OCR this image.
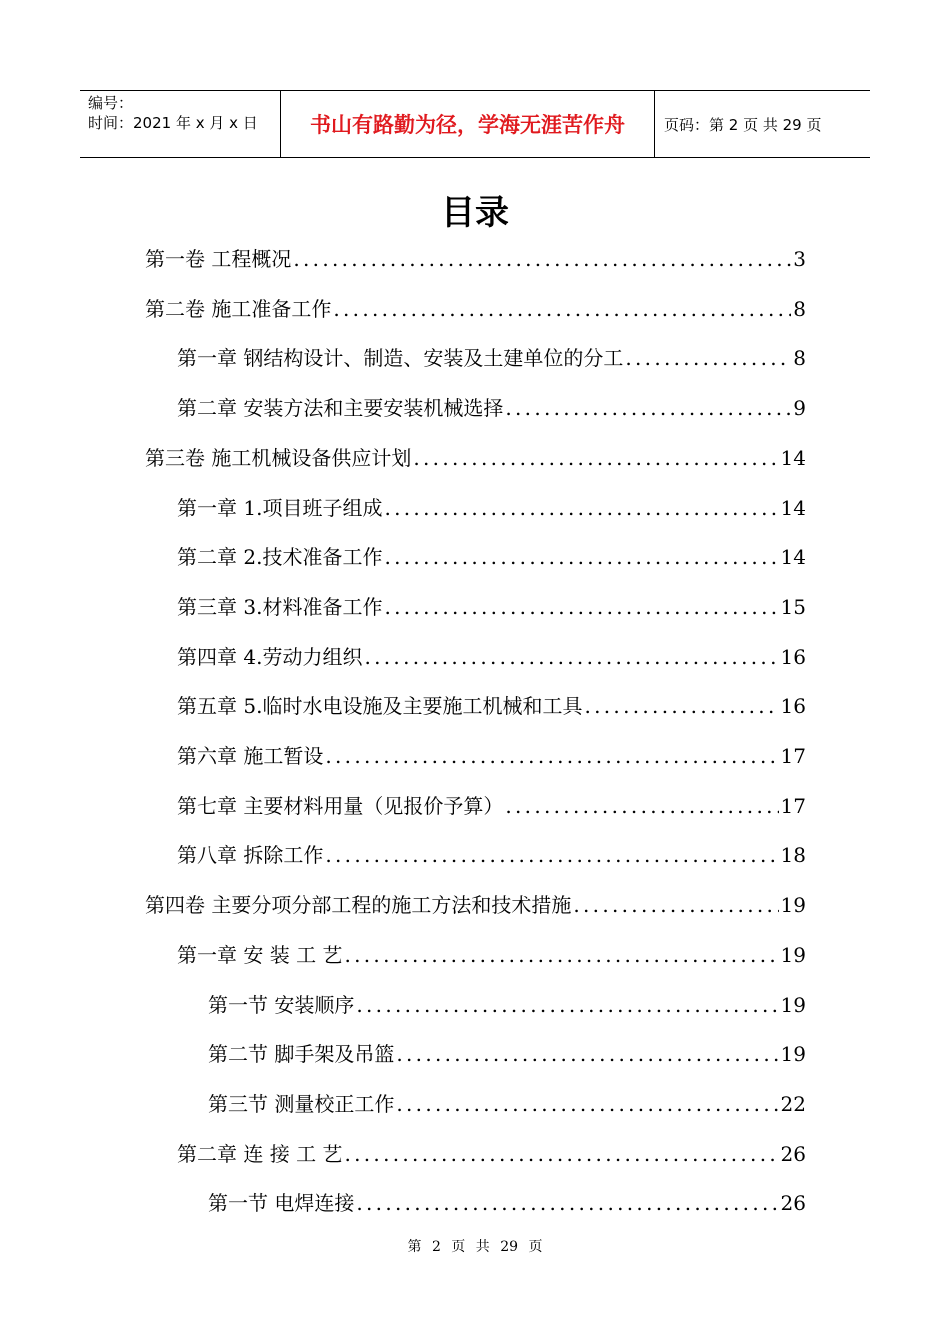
编号：
时间：2021 年 x 月 x 日	书山有路勤为径，学海无涯苦作舟	页码：第 2 页 共 29 页
目录
第一卷 工程概况 .....	3
第二卷 施工准备工作 .....	8
第一章 钢结构设计、制造、安装及土建单位的分工 .....	8
第二章 安装方法和主要安装机械选择 .....	9
第三卷 施工机械设备供应计划 .....	14
第一章 1.项目班子组成 .....	14
第二章 2.技术准备工作 .....	14
第三章 3.材料准备工作 .....	15
第四章 4.劳动力组织 .....	16
第五章 5.临时水电设施及主要施工机械和工具 .....	16
第六章 施工暂设 .....	17
第七章 主要材料用量（见报价予算） .....	17
第八章 拆除工作 .....	18
第四卷 主要分项分部工程的施工方法和技术措施 .....	19
第一章 安 装 工 艺 .....	19
第一节 安装顺序 .....	19
第二节 脚手架及吊篮 .....	19
第三节 测量校正工作 .....	22
第二章 连 接 工 艺 .....	26
第一节 电焊连接 .....	26
第 2 页 共 29 页
